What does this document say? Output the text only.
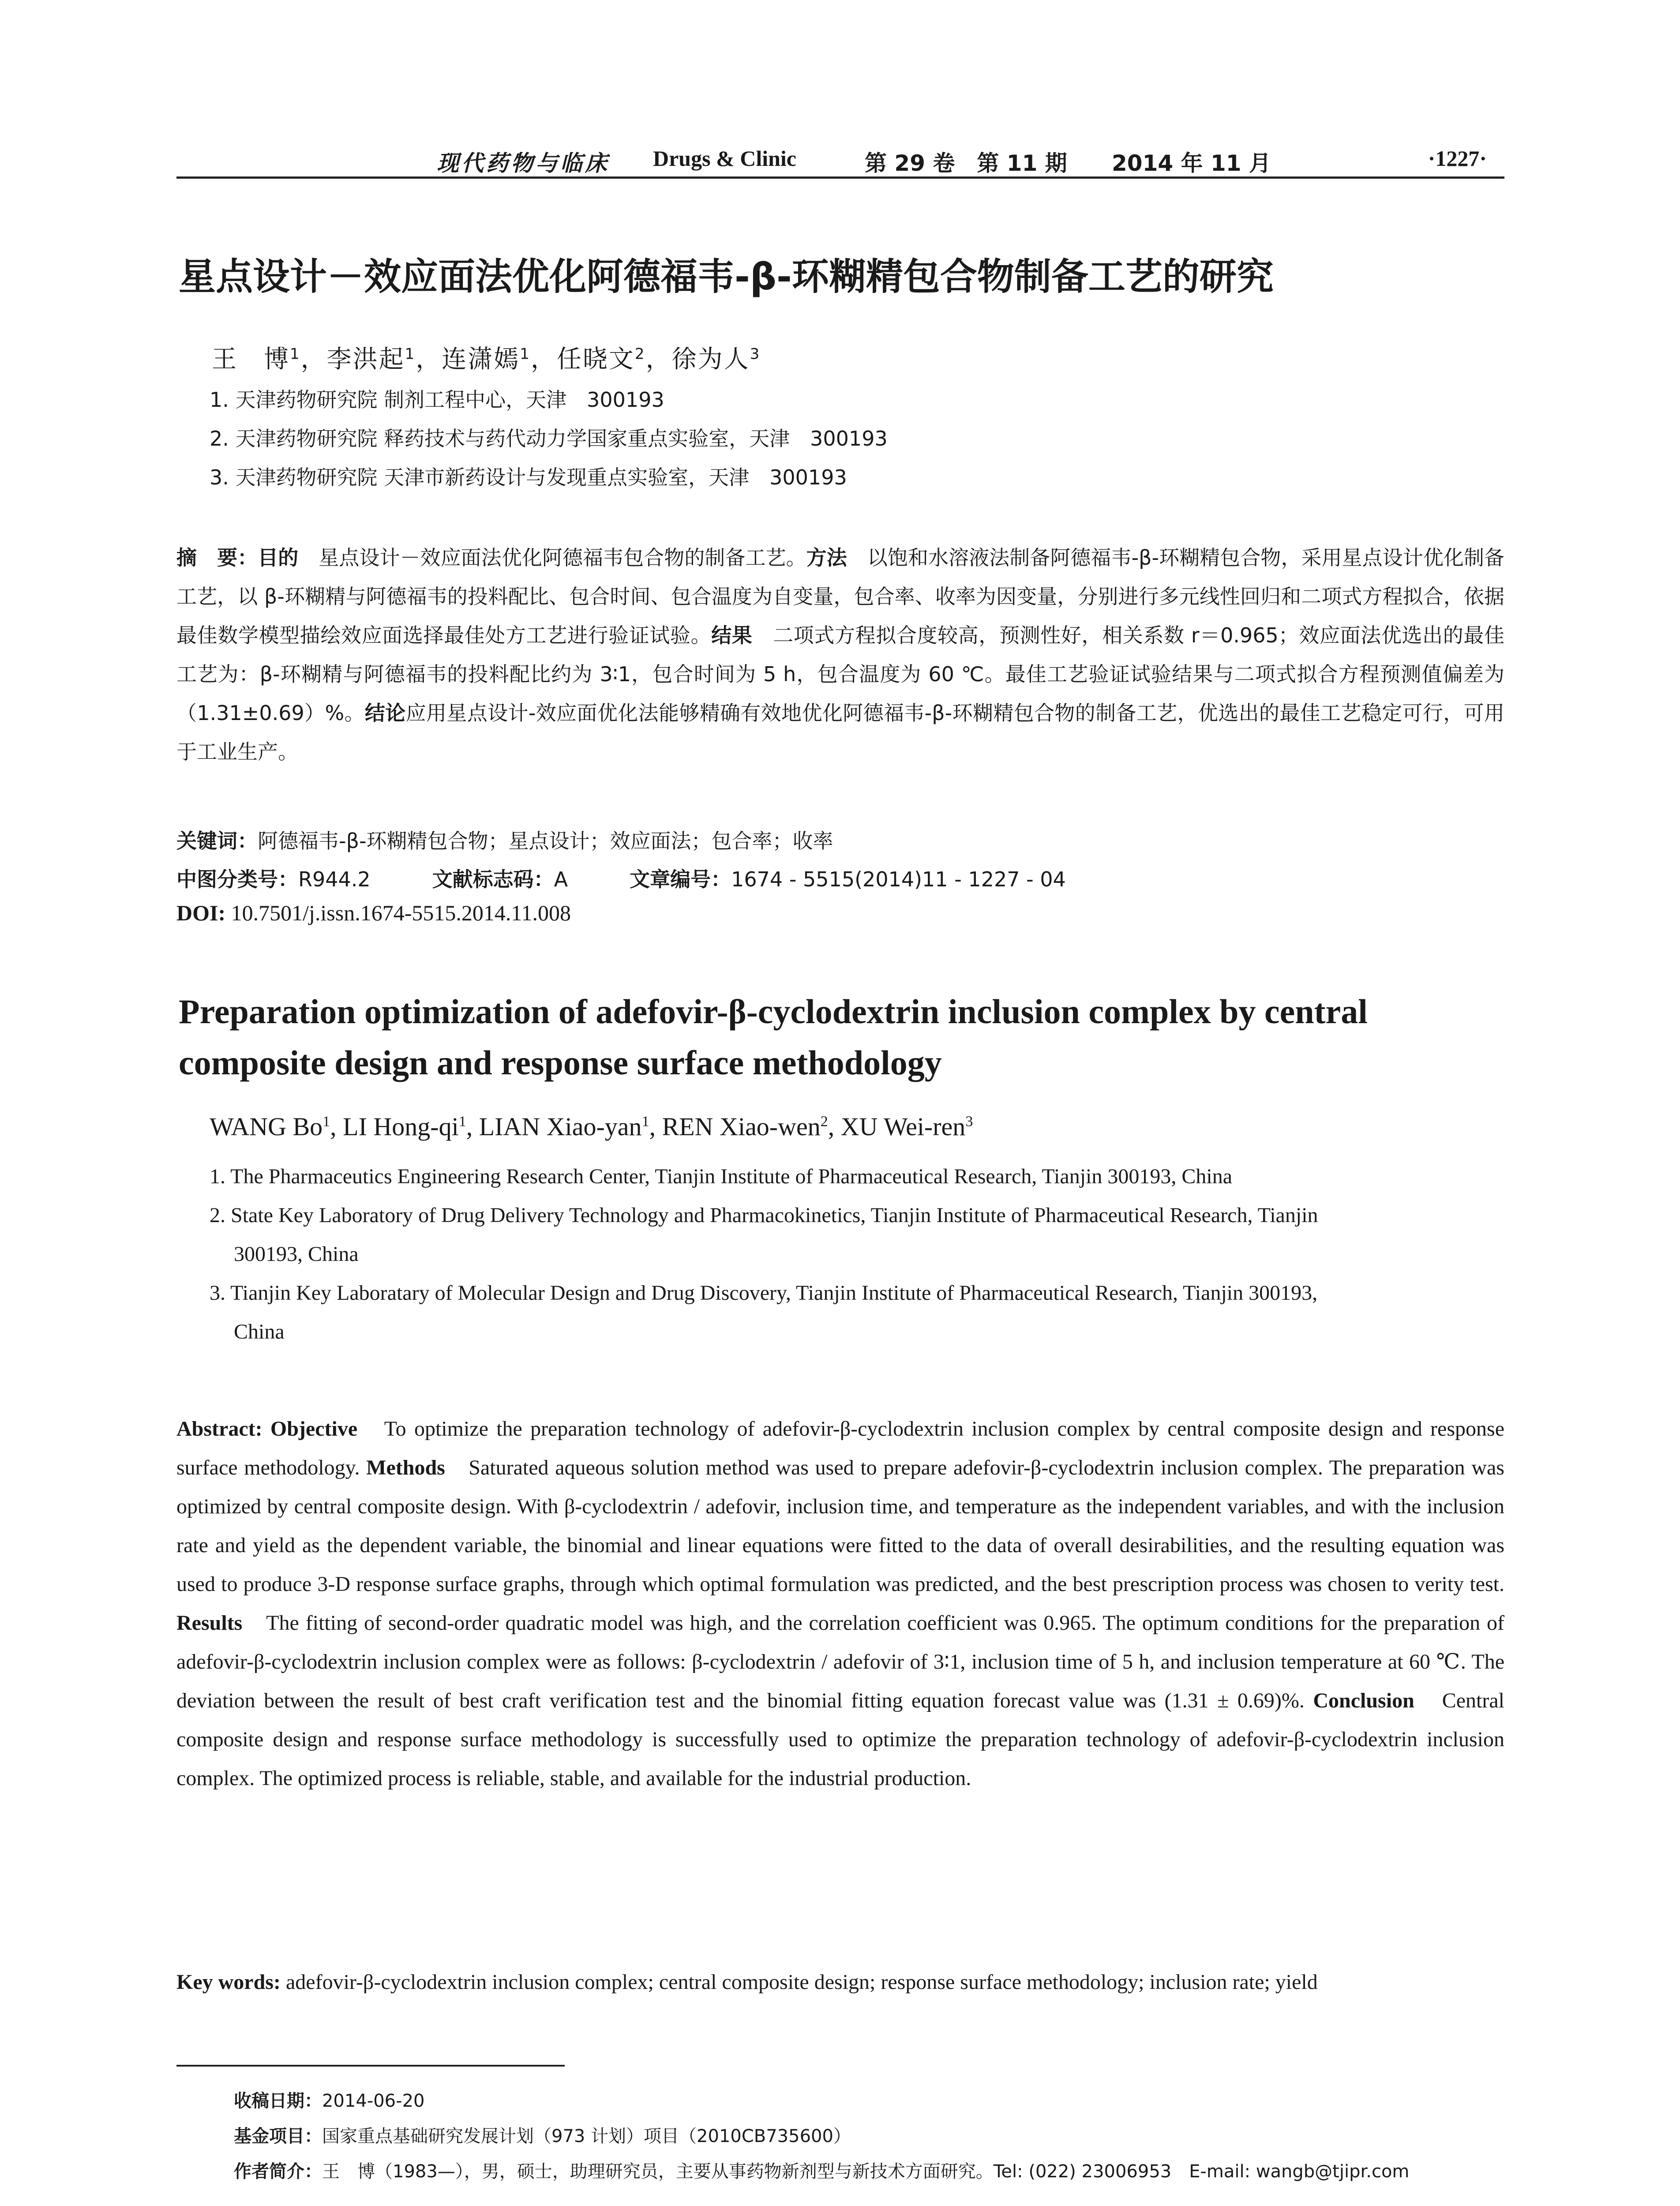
现代药物与临床 Drugs & Clinic	第 29 卷　第 11 期 2014 年 11 月	·1227·
星点设计－效应面法优化阿德福韦-β-环糊精包合物制备工艺的研究
王　博$^1$，李洪起$^1$，连潇嫣$^1$，任晓文$^2$，徐为人$^3$
1. 天津药物研究院 制剂工程中心，天津　300193
2. 天津药物研究院 释药技术与药代动力学国家重点实验室，天津　300193
3. 天津药物研究院 天津市新药设计与发现重点实验室，天津　300193
摘　要：目的　星点设计－效应面法优化阿德福韦包合物的制备工艺。方法　以饱和水溶液法制备阿德福韦-β-环糊精包合物，采用星点设计优化制备工艺，以 β-环糊精与阿德福韦的投料配比、包合时间、包合温度为自变量，包合率、收率为因变量，分别进行多元线性回归和二项式方程拟合，依据最佳数学模型描绘效应面选择最佳处方工艺进行验证试验。结果　二项式方程拟合度较高，预测性好，相关系数 r＝0.965；效应面法优选出的最佳工艺为：β-环糊精与阿德福韦的投料配比约为 3∶1，包合时间为 5 h，包合温度为 60 ℃。最佳工艺验证试验结果与二项式拟合方程预测值偏差为（1.31±0.69）%。结论应用星点设计-效应面优化法能够精确有效地优化阿德福韦-β-环糊精包合物的制备工艺，优选出的最佳工艺稳定可行，可用于工业生产。
关键词：阿德福韦-β-环糊精包合物；星点设计；效应面法；包合率；收率
中图分类号：R944.2	文献标志码：A	文章编号：1674 - 5515(2014)11 - 1227 - 04
DOI: 10.7501/j.issn.1674-5515.2014.11.008
Preparation optimization of adefovir-β-cyclodextrin inclusion complex by central composite design and response surface methodology
WANG Bo$^1$, LI Hong-$qi^1$, LIAN Xiao-yan$^1$, REN Xiao-wen$^2$, XU Wei-ren$^3$
1. The Pharmaceutics Engineering Research Center, Tianjin Institute of Pharmaceutical Research, Tianjin 300193, China
2. State Key Laboratory of Drug Delivery Technology and Pharmacokinetics, Tianjin Institute of Pharmaceutical Research, Tianjin
300193, China
3. Tianjin Key Laboratary of Molecular Design and Drug Discovery, Tianjin Institute of Pharmaceutical Research, Tianjin 300193,
China
Abstract: Objective　To optimize the preparation technology of adefovir-β-cyclodextrin inclusion complex by central composite design and response surface methodology. Methods　Saturated aqueous solution method was used to prepare adefovir-β-cyclodextrin inclusion complex. The preparation was optimized by central composite design. With β-cyclodextrin / adefovir, inclusion time, and temperature as the independent variables, and with the inclusion rate and yield as the dependent variable, the binomial and linear equations were fitted to the data of overall desirabilities, and the resulting equation was used to produce 3-D response surface graphs, through which optimal formulation was predicted, and the best prescription process was chosen to verity test. Results　The fitting of second-order quadratic model was high, and the correlation coefficient was 0.965. The optimum conditions for the preparation of adefovir-β-cyclodextrin inclusion complex were as follows: β-cyclodextrin / adefovir of 3∶1, inclusion time of 5 h, and inclusion temperature at 60 ℃. The deviation between the result of best craft verification test and the binomial fitting equation forecast value was (1.31 ± 0.69)%. Conclusion　Central composite design and response surface methodology is successfully used to optimize the preparation technology of adefovir-β-cyclodextrin inclusion complex. The optimized process is reliable, stable, and available for the industrial production.
Key words: adefovir-β-cyclodextrin inclusion complex; central composite design; response surface methodology; inclusion rate; yield
收稿日期：2014-06-20
基金项目：国家重点基础研究发展计划（973 计划）项目（2010CB735600）
作者简介：王　博（1983—），男，硕士，助理研究员，主要从事药物新剂型与新技术方面研究。Tel: (022) 23006953　E-mail: wangb@tjipr.com
